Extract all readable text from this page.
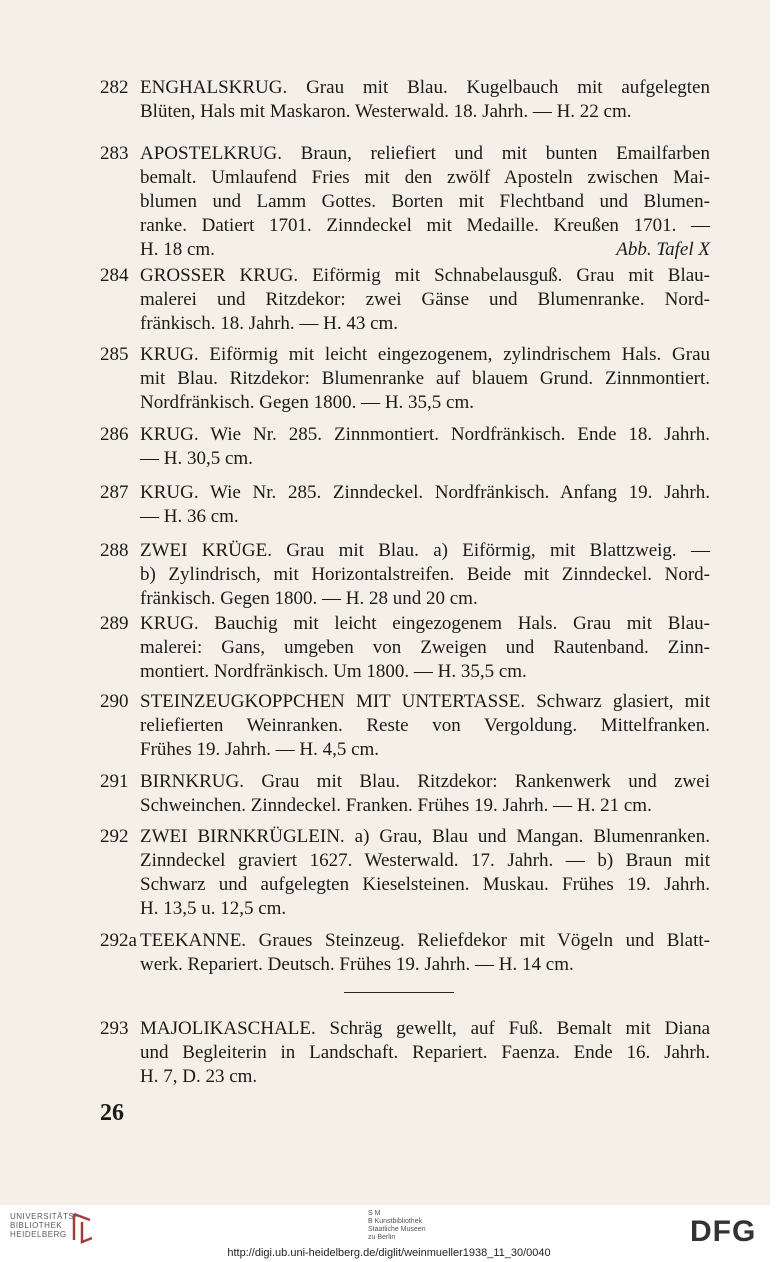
282 ENGHALSKRUG. Grau mit Blau. Kugelbauch mit aufgelegten
Blüten, Hals mit Maskaron. Westerwald. 18. Jahrh. — H. 22 cm.
283 APOSTELKRUG. Braun, reliefiert und mit bunten Emailfarben
bemalt. Umlaufend Fries mit den zwölf Aposteln zwischen Mai-
blumen und Lamm Gottes. Borten mit Flechtband und Blumen-
ranke. Datiert 1701. Zinndeckel mit Medaille. Kreußen 1701. —
H. 18 cm.	Abb. Tafel X
284 GROSSER KRUG. Eiförmig mit Schnabelausguß. Grau mit Blau-
malerei und Ritzdekor: zwei Gänse und Blumenranke. Nord-
fränkisch. 18. Jahrh. — H. 43 cm.
285 KRUG. Eiförmig mit leicht eingezogenem, zylindrischem Hals. Grau
mit Blau. Ritzdekor: Blumenranke auf blauem Grund. Zinnmontiert.
Nordfränkisch. Gegen 1800. — H. 35,5 cm.
286 KRUG. Wie Nr. 285. Zinnmontiert. Nordfränkisch. Ende 18. Jahrh.
— H. 30,5 cm.
287 KRUG. Wie Nr. 285. Zinndeckel. Nordfränkisch. Anfang 19. Jahrh.
— H. 36 cm.
288 ZWEI KRÜGE. Grau mit Blau. a) Eiförmig, mit Blattzweig. —
b) Zylindrisch, mit Horizontalstreifen. Beide mit Zinndeckel. Nord-
fränkisch. Gegen 1800. — H. 28 und 20 cm.
289 KRUG. Bauchig mit leicht eingezogenem Hals. Grau mit Blau-
malerei: Gans, umgeben von Zweigen und Rautenband. Zinn-
montiert. Nordfränkisch. Um 1800. — H. 35,5 cm.
290 STEINZEUGKOPPCHEN MIT UNTERTASSE. Schwarz glasiert, mit
reliefierten Weinranken. Reste von Vergoldung. Mittelfranken.
Frühes 19. Jahrh. — H. 4,5 cm.
291 BIRNKRUG. Grau mit Blau. Ritzdekor: Rankenwerk und zwei
Schweinchen. Zinndeckel. Franken. Frühes 19. Jahrh. — H. 21 cm.
292 ZWEI BIRNKRÜGLEIN. a) Grau, Blau und Mangan. Blumenranken.
Zinndeckel graviert 1627. Westerwald. 17. Jahrh. — b) Braun mit
Schwarz und aufgelegten Kieselsteinen. Muskau. Frühes 19. Jahrh.
H. 13,5 u. 12,5 cm.
292a TEEKANNE. Graues Steinzeug. Reliefdekor mit Vögeln und Blatt-
werk. Repariert. Deutsch. Frühes 19. Jahrh. — H. 14 cm.
293 MAJOLIKASCHALE. Schräg gewellt, auf Fuß. Bemalt mit Diana
und Begleiterin in Landschaft. Repariert. Faenza. Ende 16. Jahrh.
H. 7, D. 23 cm.
26
UNIVERSITÄTS-
BIBLIOTHEK
HEIDELBERG
S M
B Kunstbibliothek
Staatliche Museen
zu Berlin	DFG
http://digi.ub.uni-heidelberg.de/diglit/weinmueller1938_11_30/0040
